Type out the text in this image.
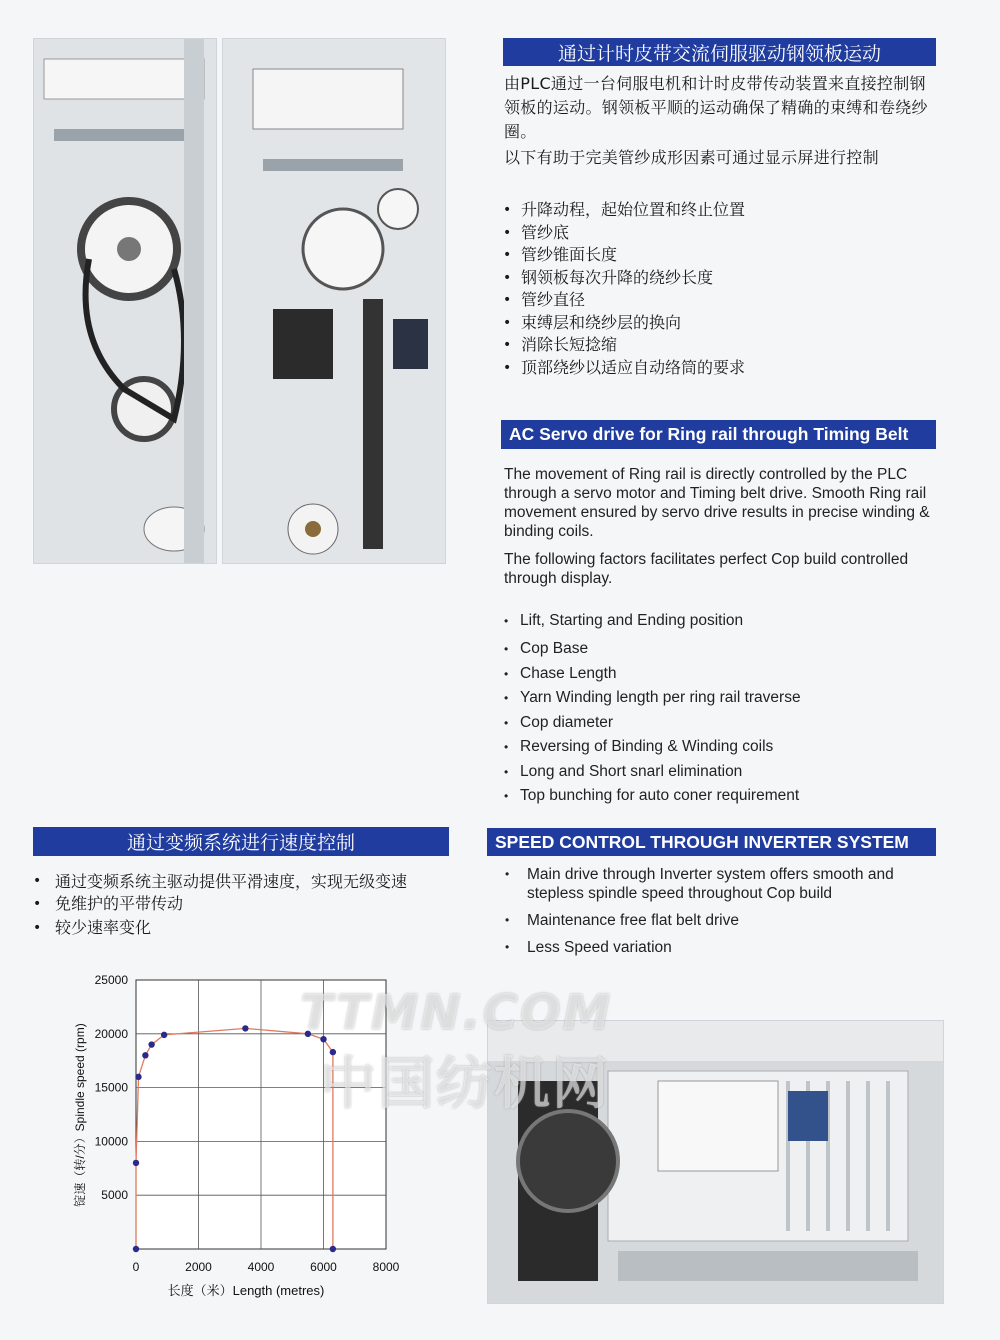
通过计时皮带交流伺服驱动钢领板运动

由PLC通过一台伺服电机和计时皮带传动装置来直接控制钢领板的运动。钢领板平顺的运动确保了精确的束缚和卷绕纱圈。

以下有助于完美管纱成形因素可通过显示屏进行控制

• 升降动程，起始位置和终止位置
• 管纱底
• 管纱锥面长度
• 钢领板每次升降的绕纱长度
• 管纱直径
• 束缚层和绕纱层的换向
• 消除长短捻缩
• 顶部绕纱以适应自动络筒的要求
AC Servo drive for Ring rail through Timing Belt

The movement of Ring rail is directly controlled by the PLC through a servo motor and Timing belt drive. Smooth Ring rail movement ensured by servo drive results in precise winding & binding coils.

The following factors facilitates perfect Cop build controlled through display.

• Lift, Starting and Ending position
• Cop Base
• Chase Length
• Yarn Winding length per ring rail traverse
• Cop diameter
• Reversing of Binding & Winding coils
• Long and Short snarl elimination
• Top bunching for auto coner requirement
通过变频系统进行速度控制
• 通过变频系统主驱动提供平滑速度，实现无级变速
• 免维护的平带传动
• 较少速率变化
SPEED CONTROL THROUGH INVERTER SYSTEM
• Main drive through Inverter system offers smooth and stepless spindle speed throughout Cop build
• Maintenance free flat belt drive
• Less Speed variation
0	2000	4000	6000	8000
5000
10000
15000
20000
25000
长度（米）Length (metres)
锭速（转/分）Spindle speed (rpm)
TTMN.COM
中国纺机网
